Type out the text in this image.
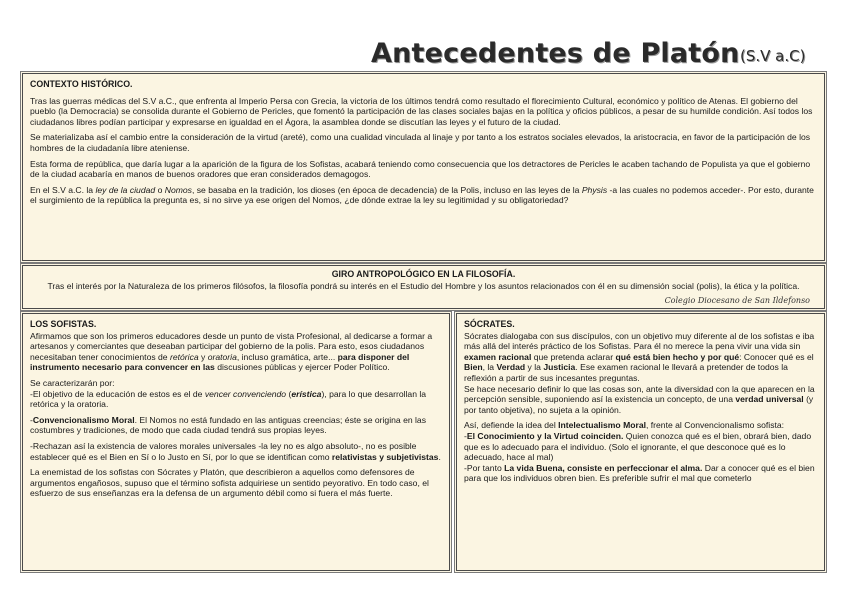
Antecedentes de Platón (S.V a.C)
CONTEXTO HISTÓRICO.

Tras las guerras médicas del S.V a.C., que enfrenta al Imperio Persa con Grecia, la victoria de los últimos tendrá como resultado el florecimiento Cultural, económico y político de Atenas. El gobierno del pueblo (la Democracia) se consolida durante el Gobierno de Pericles, que fomentó la participación de las clases sociales bajas en la política y oficios públicos, a pesar de su humilde condición. Así todos los ciudadanos libres podían participar y expresarse en igualdad en el Ágora, la asamblea donde se discutían las leyes y el futuro de la ciudad.

Se materializaba así el cambio entre la consideración de la virtud (areté), como una cualidad vinculada al linaje y por tanto a los estratos sociales elevados, la aristocracia, en favor de la participación de los hombres de la ciudadanía libre ateniense.

Esta forma de república, que daría lugar a la aparición de la figura de los Sofistas, acabará teniendo como consecuencia que los detractores de Pericles le acaben tachando de Populista ya que el gobierno de la ciudad acabaría en manos de buenos oradores que eran considerados demagogos.

En el S.V a.C. la ley de la ciudad o Nomos, se basaba en la tradición, los dioses (en época de decadencia) de la Polis, incluso en las leyes de la Physis -a las cuales no podemos acceder-. Por esto, durante el surgimiento de la república la pregunta es, si no sirve ya ese origen del Nomos, ¿de dónde extrae la ley su legitimidad y su obligatoriedad?

GIRO ANTROPOLÓGICO EN LA FILOSOFÍA.

Tras el interés por la Naturaleza de los primeros filósofos, la filosofía pondrá su interés en el Estudio del Hombre y los asuntos relacionados con él en su dimensión social (polis), la ética y la política.

Colegio Diocesano de San Ildefonso
LOS SOFISTAS.

Afirmamos que son los primeros educadores desde un punto de vista Profesional, al dedicarse a formar a artesanos y comerciantes que deseaban participar del gobierno de la polis. Para esto, esos ciudadanos necesitaban tener conocimientos de retórica y oratoria, incluso gramática, arte... para disponer del instrumento necesario para convencer en las discusiones públicas y ejercer Poder Político.

Se caracterizarán por:
-El objetivo de la educación de estos es el de vencer convenciendo (erística), para lo que desarrollan la retórica y la oratoria.

-Convencionalismo Moral. El Nomos no está fundado en las antiguas creencias; éste se origina en las costumbres y tradiciones, de modo que cada ciudad tendrá sus propias leyes.

-Rechazan así la existencia de valores morales universales -la ley no es algo absoluto-, no es posible establecer qué es el Bien en Sí o lo Justo en Sí, por lo que se identifican como relativistas y subjetivistas.

La enemistad de los sofistas con Sócrates y Platón, que describieron a aquellos como defensores de argumentos engañosos, supuso que el término sofista adquiriese un sentido peyorativo. En todo caso, el esfuerzo de sus enseñanzas era la defensa de un argumento débil como si fuera el más fuerte.

SÓCRATES.

Sócrates dialogaba con sus discípulos, con un objetivo muy diferente al de los sofistas e iba más allá del interés práctico de los Sofistas. Para él no merece la pena vivir una vida sin examen racional que pretenda aclarar qué está bien hecho y por qué: Conocer qué es el Bien, la Verdad y la Justicia. Ese examen racional le llevará a pretender de todos la reflexión a partir de sus incesantes preguntas.
Se hace necesario definir lo que las cosas son, ante la diversidad con la que aparecen en la percepción sensible, suponiendo así la existencia un concepto, de una verdad universal (y por tanto objetiva), no sujeta a la opinión.

Así, defiende la idea del Intelectualismo Moral, frente al Convencionalismo sofista:
-El Conocimiento y la Virtud coinciden. Quien conozca qué es el bien, obrará bien, dado que es lo adecuado para el individuo. (Solo el ignorante, el que desconoce qué es lo adecuado, hace al mal)
-Por tanto La vida Buena, consiste en perfeccionar el alma. Dar a conocer qué es el bien para que los individuos obren bien. Es preferible sufrir el mal que cometerlo
